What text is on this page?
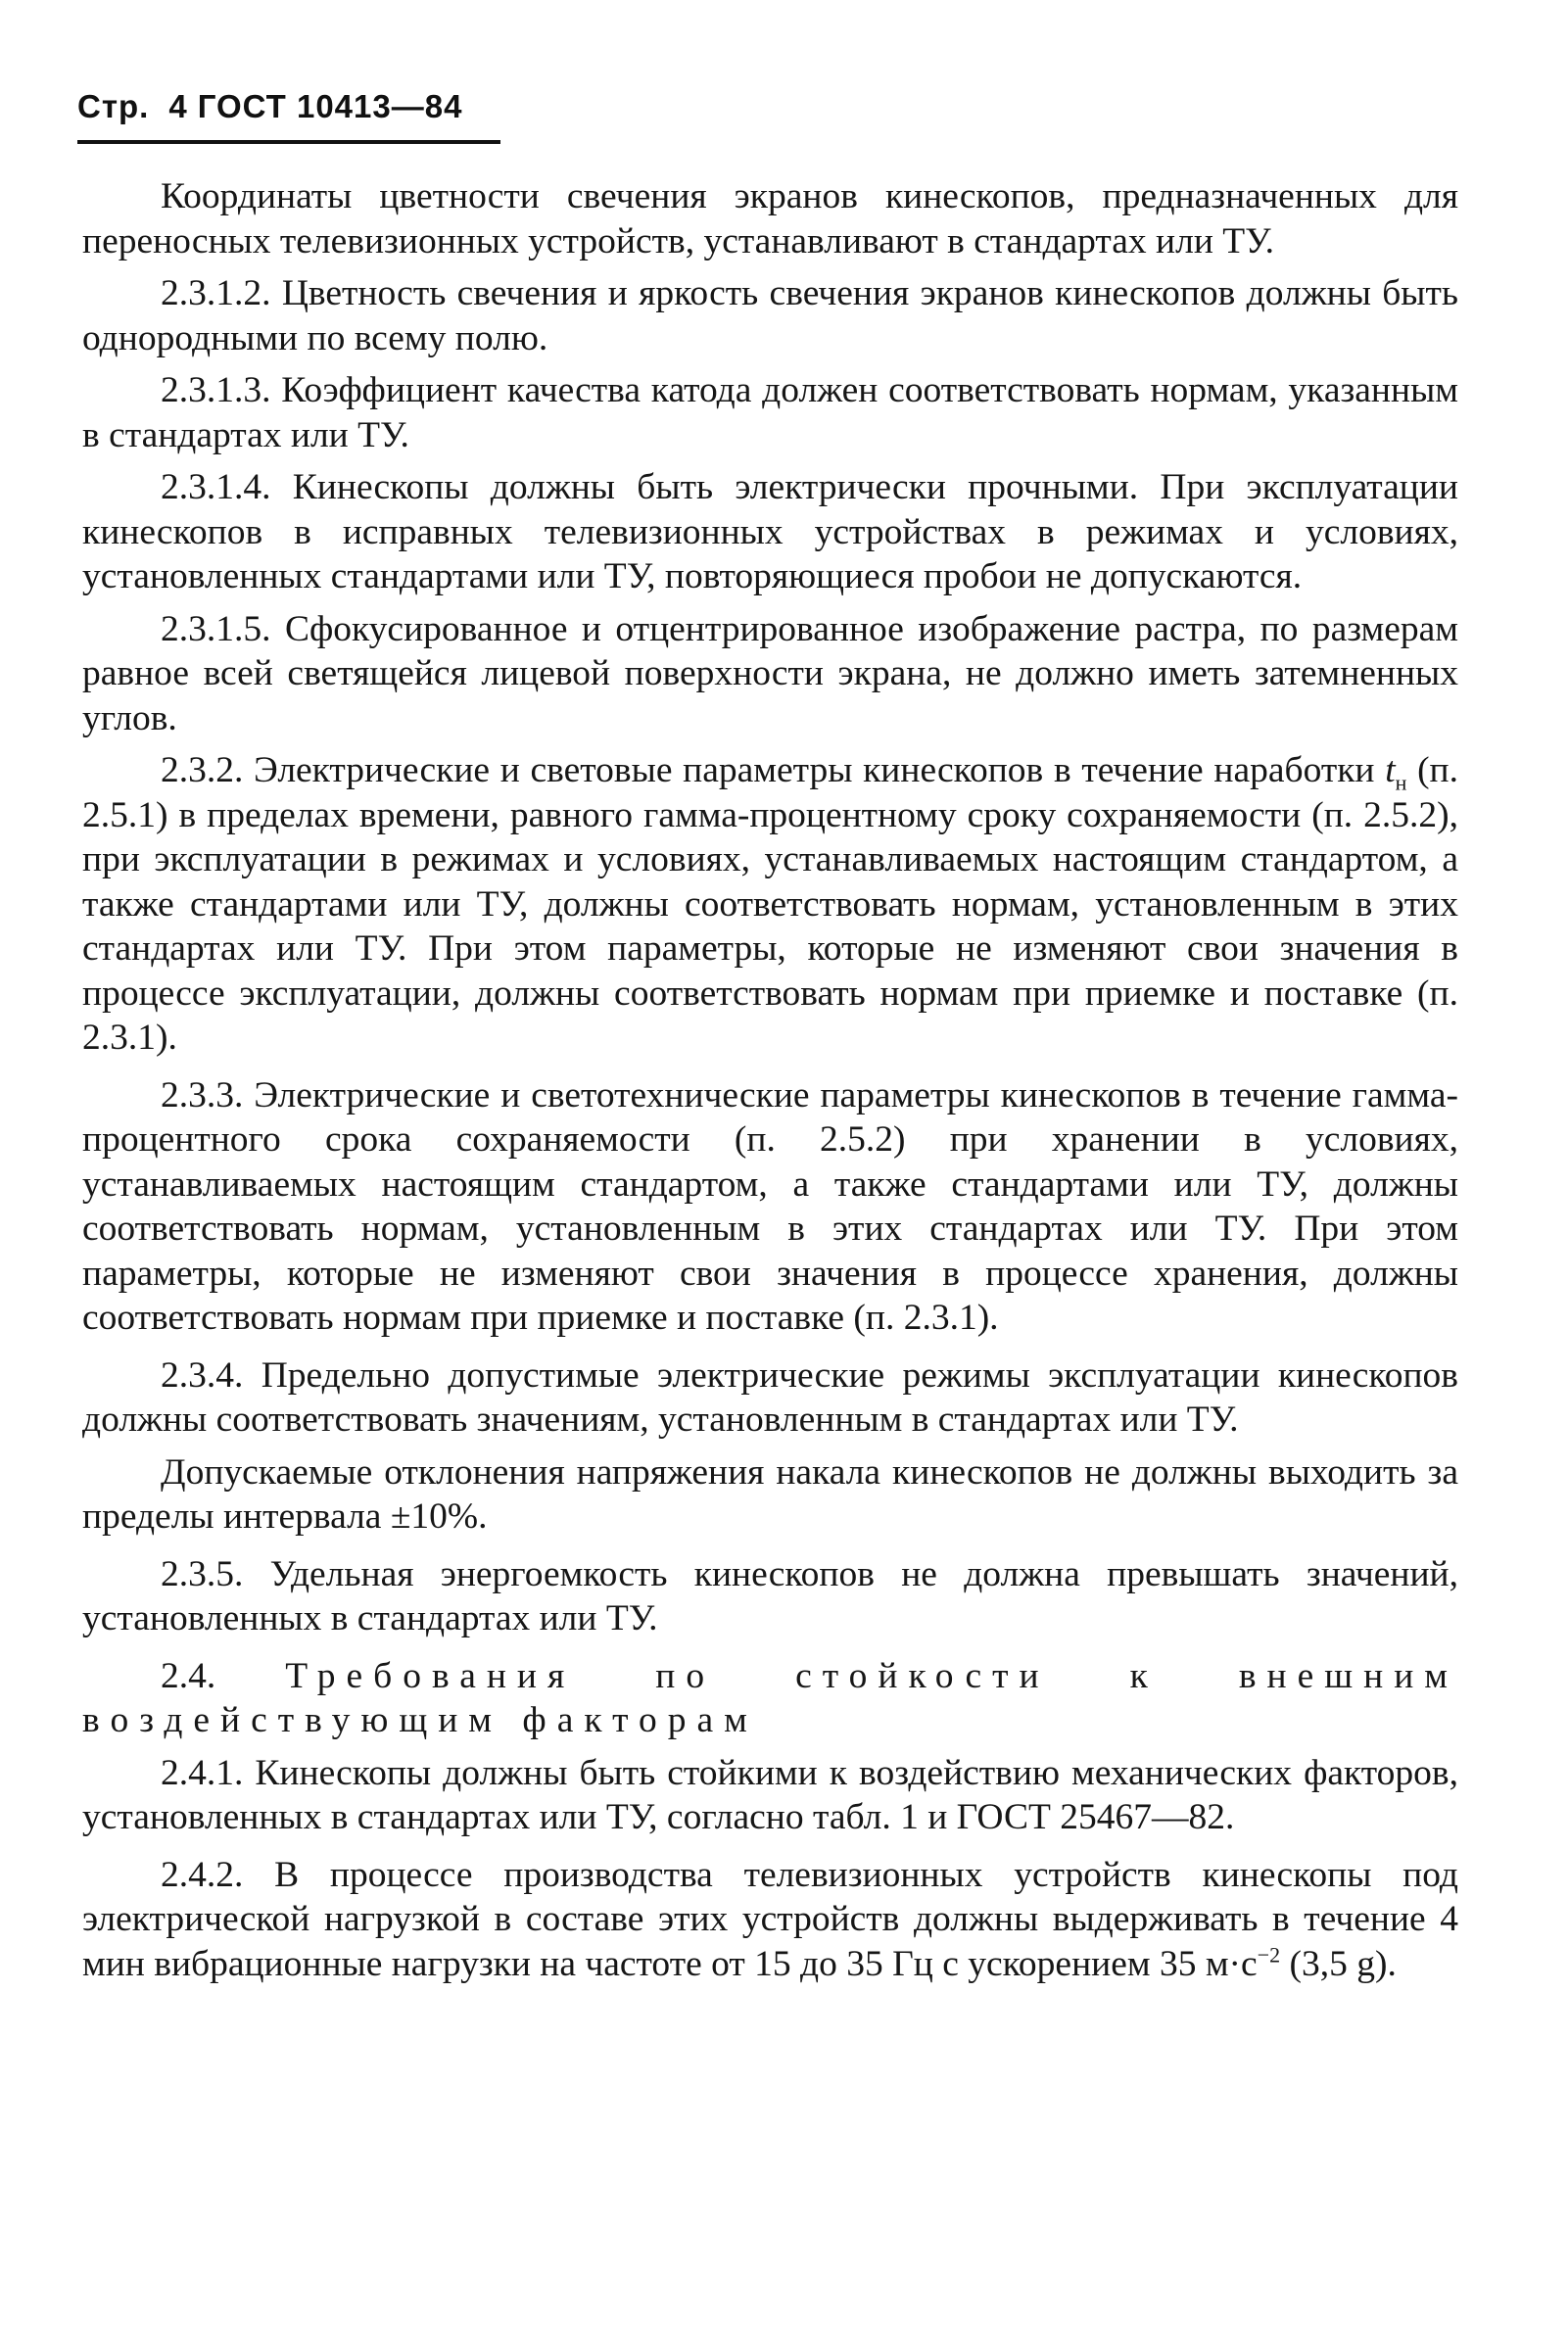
Стр. 4 ГОСТ 10413—84

Координаты цветности свечения экранов кинескопов, предназначенных для переносных телевизионных устройств, устанавливают в стандартах или ТУ.

2.3.1.2. Цветность свечения и яркость свечения экранов кинескопов должны быть однородными по всему полю.

2.3.1.3. Коэффициент качества катода должен соответствовать нормам, указанным в стандартах или ТУ.

2.3.1.4. Кинескопы должны быть электрически прочными. При эксплуатации кинескопов в исправных телевизионных устройствах в режимах и условиях, установленных стандартами или ТУ, повторяющиеся пробои не допускаются.

2.3.1.5. Сфокусированное и отцентрированное изображение растра, по размерам равное всей светящейся лицевой поверхности экрана, не должно иметь затемненных углов.

2.3.2. Электрические и световые параметры кинескопов в течение наработки $t_н$ (п. 2.5.1) в пределах времени, равного гамма-процентному сроку сохраняемости (п. 2.5.2), при эксплуатации в режимах и условиях, устанавливаемых настоящим стандартом, а также стандартами или ТУ, должны соответствовать нормам, установленным в этих стандартах или ТУ. При этом параметры, которые не изменяют свои значения в процессе эксплуатации, должны соответствовать нормам при приемке и поставке (п. 2.3.1).

2.3.3. Электрические и светотехнические параметры кинескопов в течение гамма-процентного срока сохраняемости (п. 2.5.2) при хранении в условиях, устанавливаемых настоящим стандартом, а также стандартами или ТУ, должны соответствовать нормам, установленным в этих стандартах или ТУ. При этом параметры, которые не изменяют свои значения в процессе хранения, должны соответствовать нормам при приемке и поставке (п. 2.3.1).

2.3.4. Предельно допустимые электрические режимы эксплуатации кинескопов должны соответствовать значениям, установленным в стандартах или ТУ.

Допускаемые отклонения напряжения накала кинескопов не должны выходить за пределы интервала ±10%.

2.3.5. Удельная энергоемкость кинескопов не должна превышать значений, установленных в стандартах или ТУ.

2.4. Требования по стойкости к внешним воздействующим факторам

2.4.1. Кинескопы должны быть стойкими к воздействию механических факторов, установленных в стандартах или ТУ, согласно табл. 1 и ГОСТ 25467—82.

2.4.2. В процессе производства телевизионных устройств кинескопы под электрической нагрузкой в составе этих устройств должны выдерживать в течение 4 мин вибрационные нагрузки на частоте от 15 до 35 Гц с ускорением 35 $м\cdot с^{-2}$ (3,5 g).
